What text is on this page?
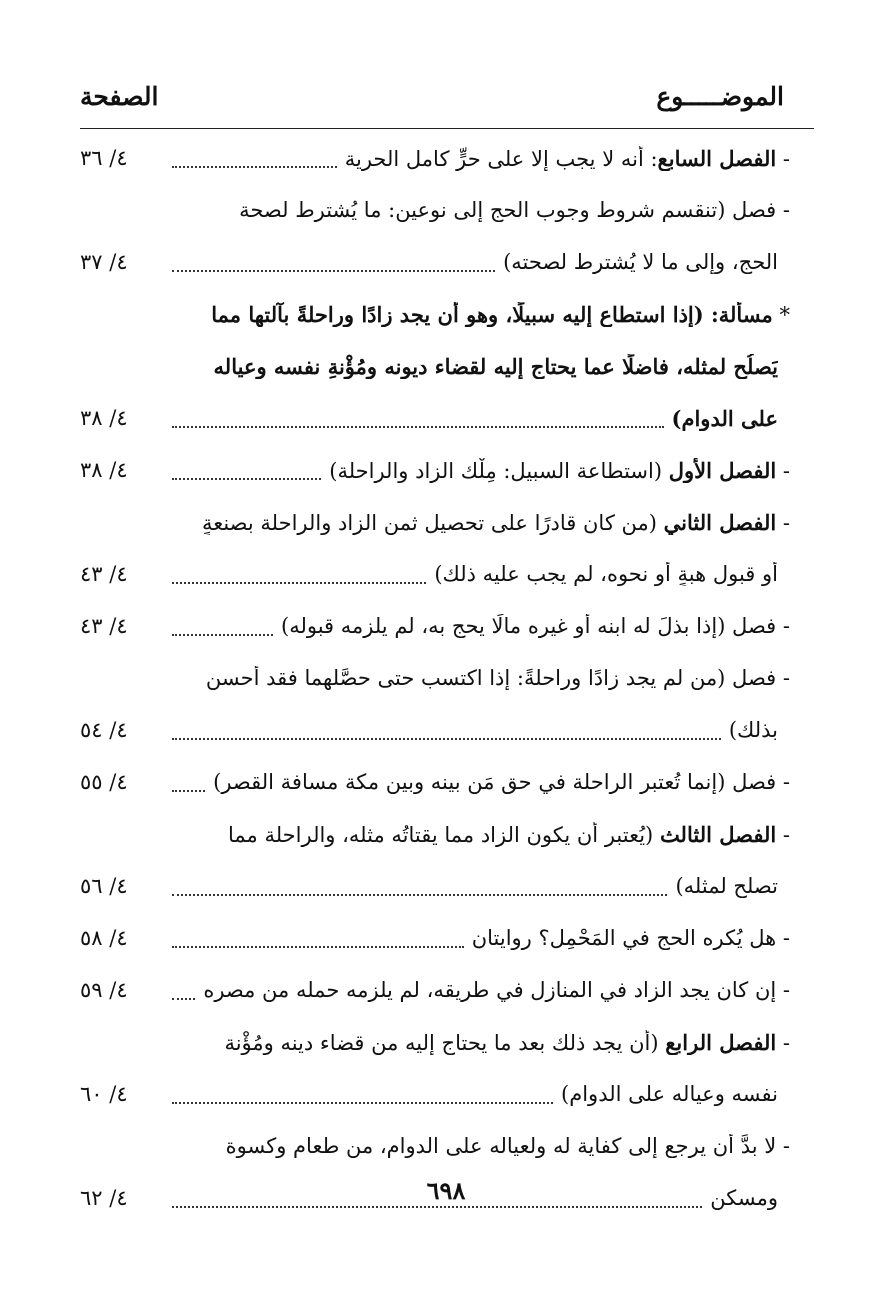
الموضـــــوع
الصفحة
- الفصل السابع: أنه لا يجب إلا على حرٍّ كاملِ الحرية
٤/ ٣٦
- فصل (تنقسم شروط وجوب الحج إلى نوعين: ما يُشترط لصحة
الحج، وإلى ما لا يُشترط لصحته)
٤/ ٣٧
* مسألة: (إذا استطاع إليه سبيلًا، وهو أن يجد زادًا وراحلةً بآلتها مما
يَصلُح لمثله، فاضلًا عما يحتاج إليه لقضاء ديونه ومُؤْنةِ نفسه وعياله
على الدوام)
٤/ ٣٨
- الفصل الأول (استطاعة السبيل: مِلْك الزاد والراحلة)
٤/ ٣٨
- الفصل الثاني (من كان قادرًا على تحصيل ثمن الزاد والراحلة بصنعةٍ
أو قبول هبةٍ أو نحوه، لم يجب عليه ذلك)
٤/ ٤٣
- فصل (إذا بذلَ له ابنه أو غيره مالًا يحج به، لم يلزمه قبوله)
٤/ ٤٣
- فصل (من لم يجد زادًا وراحلةً: إذا اكتسب حتى حصَّلهما فقد أحسن
بذلك)
٤/ ٥٤
- فصل (إنما تُعتبر الراحلة في حق مَن بينه وبين مكة مسافة القصر)
٤/ ٥٥
- الفصل الثالث (يُعتبر أن يكون الزاد مما يقتاتُه مثله، والراحلة مما
تصلح لمثله)
٤/ ٥٦
- هل يُكره الحج في المَحْمِل؟ روايتان
٤/ ٥٨
- إن كان يجد الزاد في المنازل في طريقه، لم يلزمه حمله من مصره
٤/ ٥٩
- الفصل الرابع (أن يجد ذلك بعد ما يحتاج إليه من قضاء دينه ومُؤْنة
نفسه وعياله على الدوام)
٤/ ٦٠
- لا بدَّ أن يرجع إلى كفاية له ولعياله على الدوام، من طعام وكسوة
ومسكن
٤/ ٦٢	٦٩٨
